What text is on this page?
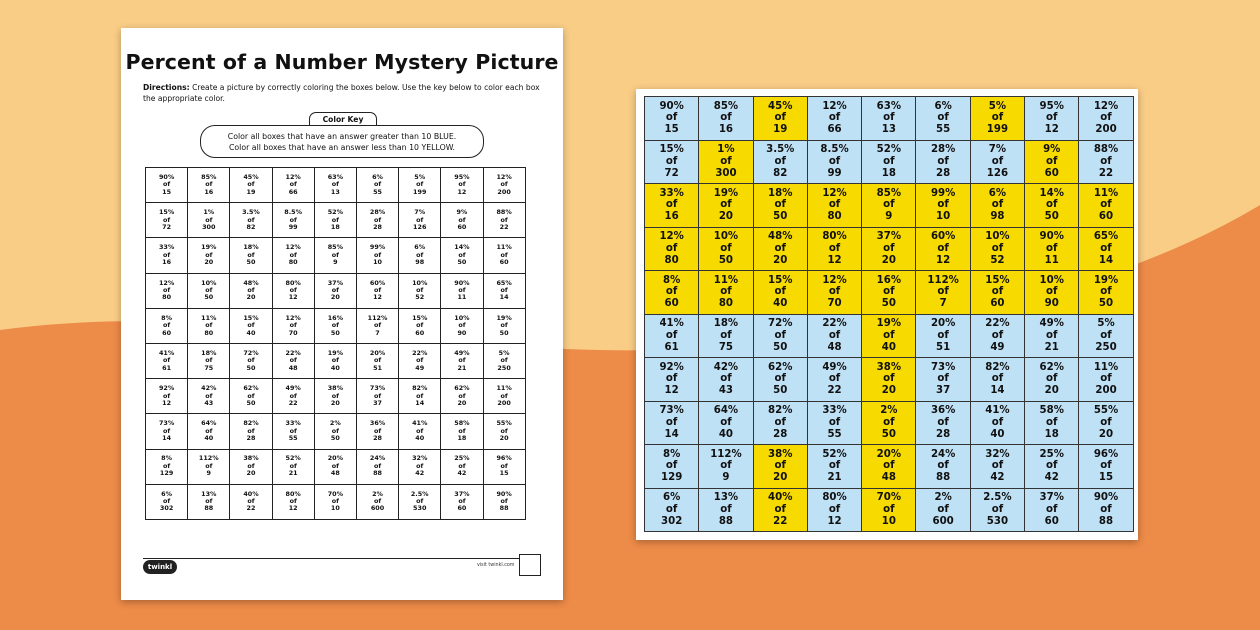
Percent of a Number Mystery Picture
Directions: Create a picture by correctly coloring the boxes below. Use the key below to color each box the appropriate color.
Color Key
Color all boxes that have an answer greater than 10 BLUE.
Color all boxes that have an answer less than 10 YELLOW.
90%
of
15	85%
of
16	45%
of
19	12%
of
66	63%
of
13	6%
of
55	5%
of
199	95%
of
12	12%
of
200

15%
of
72	1%
of
300	3.5%
of
82	8.5%
of
99	52%
of
18	28%
of
28	7%
of
126	9%
of
60	88%
of
22

33%
of
16	19%
of
20	18%
of
50	12%
of
80	85%
of
9	99%
of
10	6%
of
98	14%
of
50	11%
of
60

12%
of
80	10%
of
50	48%
of
20	80%
of
12	37%
of
20	60%
of
12	10%
of
52	90%
of
11	65%
of
14

8%
of
60	11%
of
80	15%
of
40	12%
of
70	16%
of
50	112%
of
7	15%
of
60	10%
of
90	19%
of
50

41%
of
61	18%
of
75	72%
of
50	22%
of
48	19%
of
40	20%
of
51	22%
of
49	49%
of
21	5%
of
250

92%
of
12	42%
of
43	62%
of
50	49%
of
22	38%
of
20	73%
of
37	82%
of
14	62%
of
20	11%
of
200

73%
of
14	64%
of
40	82%
of
28	33%
of
55	2%
of
50	36%
of
28	41%
of
40	58%
of
18	55%
of
20

8%
of
129	112%
of
9	38%
of
20	52%
of
21	20%
of
48	24%
of
88	32%
of
42	25%
of
42	96%
of
15

6%
of
302	13%
of
88	40%
of
22	80%
of
12	70%
of
10	2%
of
600	2.5%
of
530	37%
of
60	90%
of
88
twinkl	visit twinkl.com
90%
of
15	85%
of
16	45%
of
19	12%
of
66	63%
of
13	6%
of
55	5%
of
199	95%
of
12	12%
of
200

15%
of
72	1%
of
300	3.5%
of
82	8.5%
of
99	52%
of
18	28%
of
28	7%
of
126	9%
of
60	88%
of
22

33%
of
16	19%
of
20	18%
of
50	12%
of
80	85%
of
9	99%
of
10	6%
of
98	14%
of
50	11%
of
60

12%
of
80	10%
of
50	48%
of
20	80%
of
12	37%
of
20	60%
of
12	10%
of
52	90%
of
11	65%
of
14

8%
of
60	11%
of
80	15%
of
40	12%
of
70	16%
of
50	112%
of
7	15%
of
60	10%
of
90	19%
of
50

41%
of
61	18%
of
75	72%
of
50	22%
of
48	19%
of
40	20%
of
51	22%
of
49	49%
of
21	5%
of
250

92%
of
12	42%
of
43	62%
of
50	49%
of
22	38%
of
20	73%
of
37	82%
of
14	62%
of
20	11%
of
200

73%
of
14	64%
of
40	82%
of
28	33%
of
55	2%
of
50	36%
of
28	41%
of
40	58%
of
18	55%
of
20

8%
of
129	112%
of
9	38%
of
20	52%
of
21	20%
of
48	24%
of
88	32%
of
42	25%
of
42	96%
of
15

6%
of
302	13%
of
88	40%
of
22	80%
of
12	70%
of
10	2%
of
600	2.5%
of
530	37%
of
60	90%
of
88
